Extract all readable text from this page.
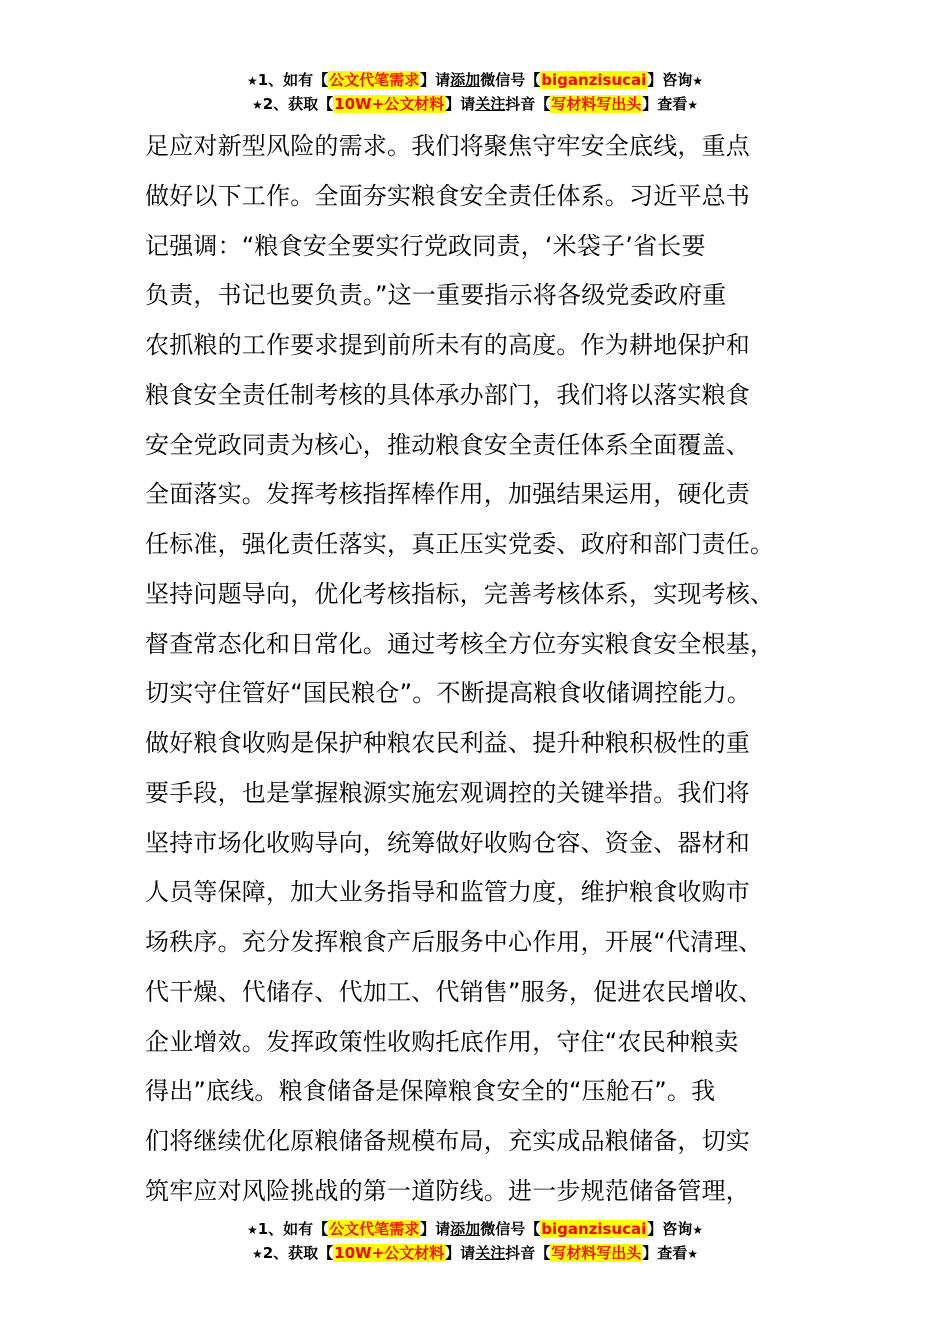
★1、如有【公文代笔需求】请添加微信号【biganzisucai】咨询★
★2、获取【10W+公文材料】请关注抖音【写材料写出头】查看★
足应对新型风险的需求。我们将聚焦守牢安全底线，重点
做好以下工作。全面夯实粮食安全责任体系。习近平总书
记强调：“粮食安全要实行党政同责，‘米袋子’省长要
负责，书记也要负责。”这一重要指示将各级党委政府重
农抓粮的工作要求提到前所未有的高度。作为耕地保护和
粮食安全责任制考核的具体承办部门，我们将以落实粮食
安全党政同责为核心，推动粮食安全责任体系全面覆盖、
全面落实。发挥考核指挥棒作用，加强结果运用，硬化责
任标准，强化责任落实，真正压实党委、政府和部门责任。
坚持问题导向，优化考核指标，完善考核体系，实现考核、
督查常态化和日常化。通过考核全方位夯实粮食安全根基，
切实守住管好“国民粮仓”。不断提高粮食收储调控能力。
做好粮食收购是保护种粮农民利益、提升种粮积极性的重
要手段，也是掌握粮源实施宏观调控的关键举措。我们将
坚持市场化收购导向，统筹做好收购仓容、资金、器材和
人员等保障，加大业务指导和监管力度，维护粮食收购市
场秩序。充分发挥粮食产后服务中心作用，开展“代清理、
代干燥、代储存、代加工、代销售”服务，促进农民增收、
企业增效。发挥政策性收购托底作用，守住“农民种粮卖
得出”底线。粮食储备是保障粮食安全的“压舱石”。我
们将继续优化原粮储备规模布局，充实成品粮储备，切实
筑牢应对风险挑战的第一道防线。进一步规范储备管理，
★1、如有【公文代笔需求】请添加微信号【biganzisucai】咨询★
★2、获取【10W+公文材料】请关注抖音【写材料写出头】查看★
